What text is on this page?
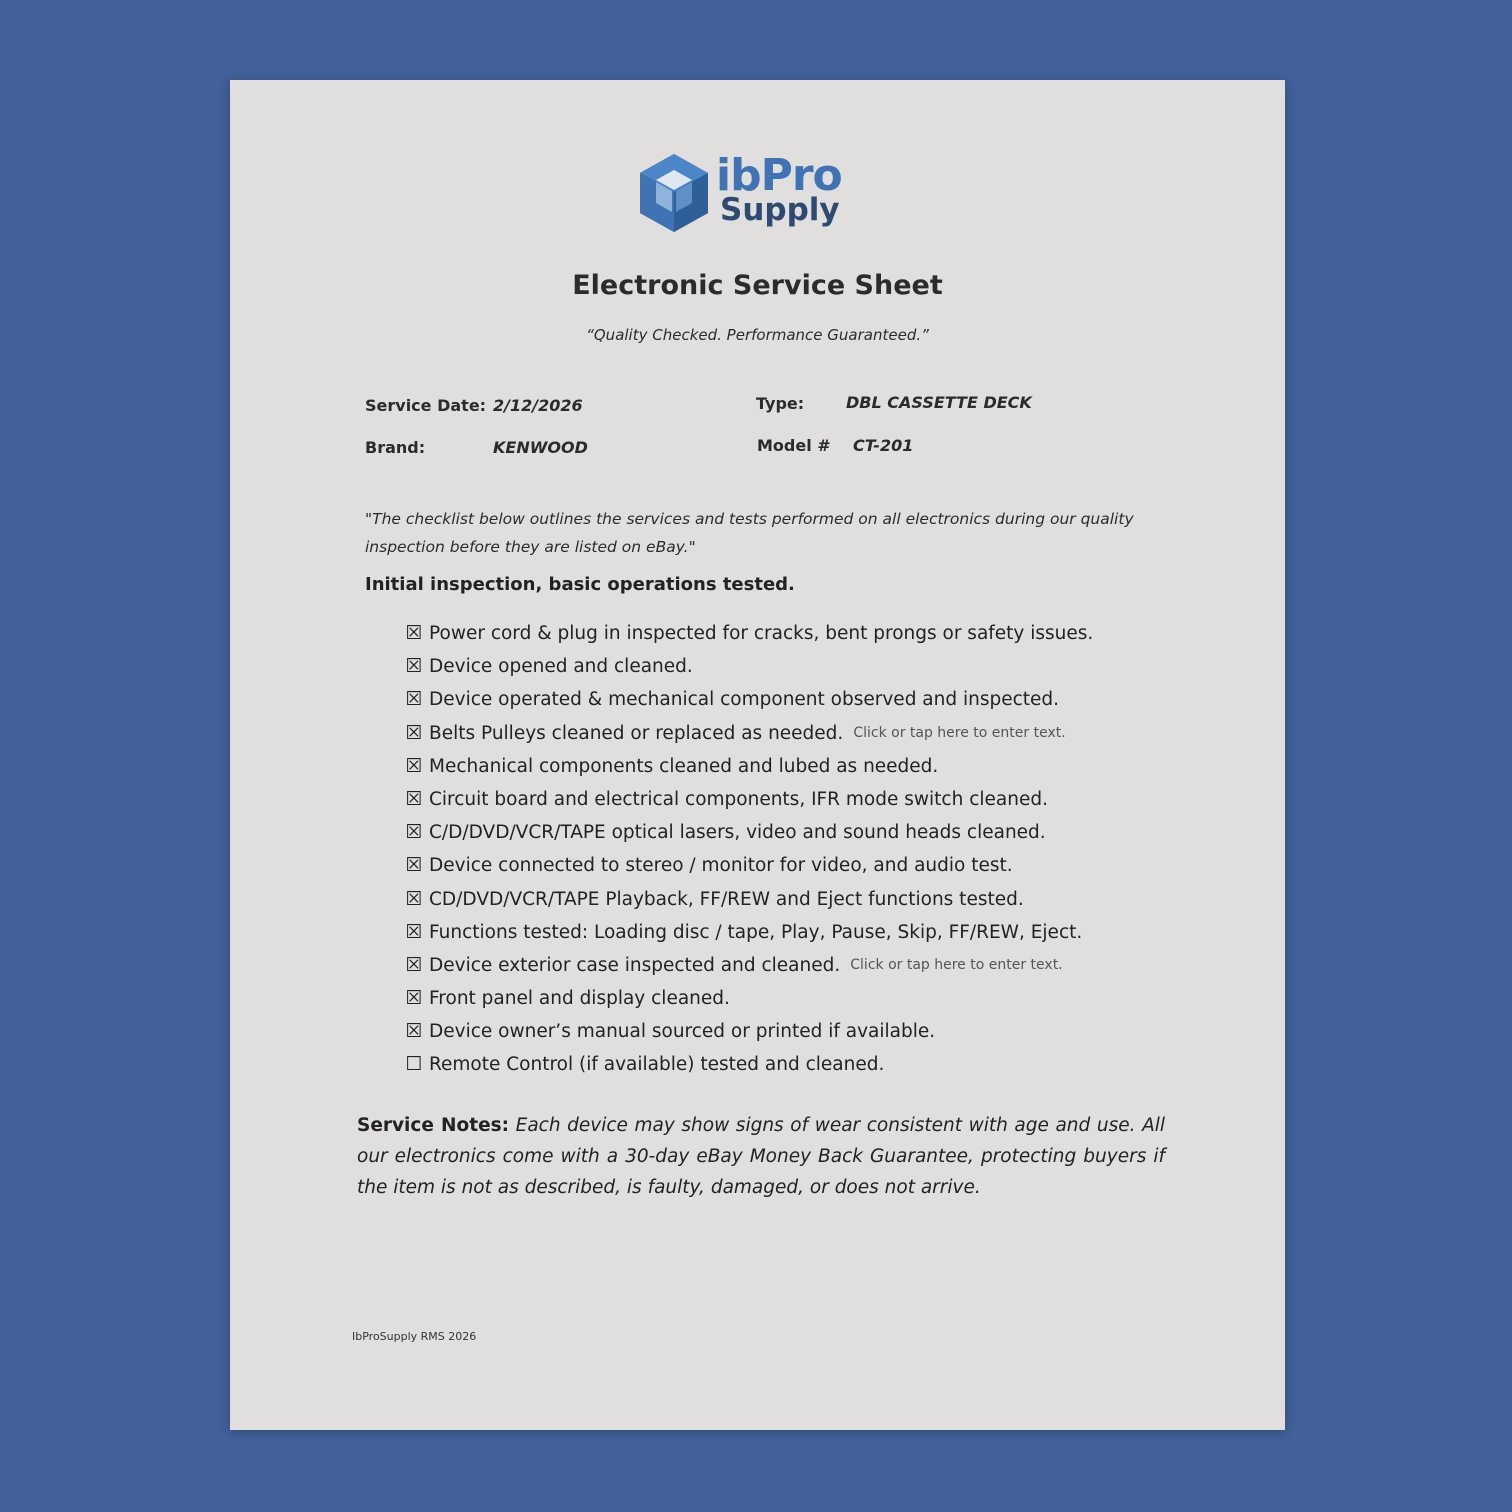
ibPro
Supply
Electronic Service Sheet
“Quality Checked. Performance Guaranteed.”
Service Date: 2/12/2026	Type:	DBL CASSETTE DECK
Brand:	KENWOOD	Model # CT-201
"The checklist below outlines the services and tests performed on all electronics during our quality inspection before they are listed on eBay."
Initial inspection, basic operations tested.
☒ Power cord & plug in inspected for cracks, bent prongs or safety issues.
☒ Device opened and cleaned.
☒ Device operated & mechanical component observed and inspected.
☒ Belts Pulleys cleaned or replaced as needed. Click or tap here to enter text.
☒ Mechanical components cleaned and lubed as needed.
☒ Circuit board and electrical components, IFR mode switch cleaned.
☒ C/D/DVD/VCR/TAPE optical lasers, video and sound heads cleaned.
☒ Device connected to stereo / monitor for video, and audio test.
☒ CD/DVD/VCR/TAPE Playback, FF/REW and Eject functions tested.
☒ Functions tested: Loading disc / tape, Play, Pause, Skip, FF/REW, Eject.
☒ Device exterior case inspected and cleaned. Click or tap here to enter text.
☒ Front panel and display cleaned.
☒ Device owner’s manual sourced or printed if available.
☐ Remote Control (if available) tested and cleaned.
Service Notes: Each device may show signs of wear consistent with age and use. All our electronics come with a 30-day eBay Money Back Guarantee, protecting buyers if the item is not as described, is faulty, damaged, or does not arrive.
IbProSupply RMS 2026
